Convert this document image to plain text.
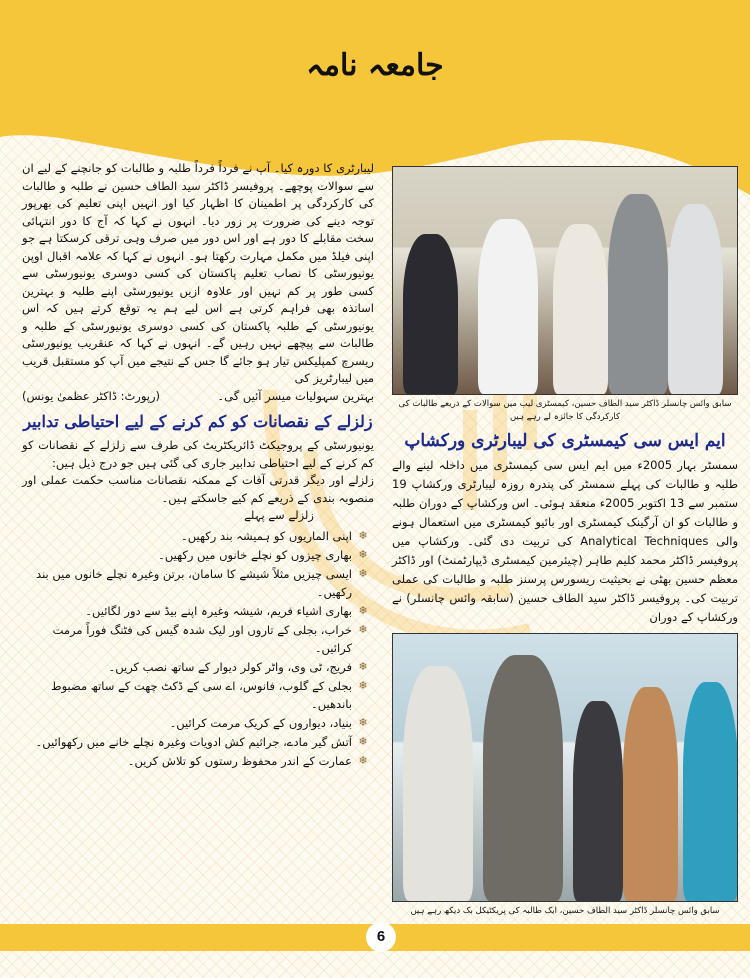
جامعہ نامہ

لیبارٹری کا دورہ کیا۔ آپ نے فرداً فرداً طلبہ و طالبات کو جانچنے کے لیے ان سے سوالات پوچھے۔ پروفیسر ڈاکٹر سید الطاف حسین نے طلبہ و طالبات کی کارکردگی پر اطمینان کا اظہار کیا اور انہیں اپنی تعلیم کی بھرپور توجہ دینے کی ضرورت پر زور دیا۔ انہوں نے کہا کہ آج کا دور انتہائی سخت مقابلے کا دور ہے اور اس دور میں صرف وہی ترقی کرسکتا ہے جو اپنی فیلڈ میں مکمل مہارت رکھتا ہو۔ انہوں نے کہا کہ علامہ اقبال اوپن یونیورسٹی کا نصاب تعلیم پاکستان کی کسی دوسری یونیورسٹی سے کسی طور پر کم نہیں اور علاوہ ازیں یونیورسٹی اپنے طلبہ و بہترین اساتذہ بھی فراہم کرتی ہے اس لیے ہم یہ توقع کرتے ہیں کہ اس یونیورسٹی کے طلبہ پاکستان کی کسی دوسری یونیورسٹی کے طلبہ و طالبات سے پیچھے نہیں رہیں گے۔ انہوں نے کہا کہ عنقریب یونیورسٹی ریسرچ کمپلیکس تیار ہو جائے گا جس کے نتیجے میں آپ کو مستقبل قریب میں لیبارٹریز کی

بہترین سہولیات میسر آئیں گی۔
(رپورٹ: ڈاکٹر عظمیٰ یونس)
زلزلے کے نقصانات کو کم کرنے کے لیے احتیاطی تدابیر

یونیورسٹی کے پروجیکٹ ڈائریکٹریٹ کی طرف سے زلزلے کے نقصانات کو کم کرنے کے لیے احتیاطی تدابیر جاری کی گئی ہیں جو درج ذیل ہیں:

زلزلے اور دیگر قدرتی آفات کے ممکنہ نقصانات مناسب حکمت عملی اور منصوبہ بندی کے ذریعے کم کیے جاسکتے ہیں۔

زلزلے سے پہلے

❄
اپنی الماریوں کو ہمیشہ بند رکھیں۔
❄
بھاری چیزوں کو نچلے خانوں میں رکھیں۔
❄
ایسی چیزیں مثلاً شیشے کا سامان، برتن وغیرہ نچلے خانوں میں بند رکھیں۔
❄
بھاری اشیاء فریم، شیشہ وغیرہ اپنے بیڈ سے دور لگائیں۔
❄
خراب، بجلی کے تاروں اور لیک شدہ گیس کی فٹنگ فوراً مرمت کرائیں۔
❄
فریج، ٹی وی، واٹر کولر دیوار کے ساتھ نصب کریں۔
❄
بجلی کے گلوب، فانوس، اے سی کے ڈکٹ چھت کے ساتھ مضبوط باندھیں۔
❄
بنیاد، دیواروں کے کریک مرمت کرائیں۔
❄
آتش گیر مادے، جراثیم کش ادویات وغیرہ نچلے خانے میں رکھوائیں۔
❄
عمارت کے اندر محفوظ رستوں کو تلاش کریں۔
سابق وائس چانسلر ڈاکٹر سید الطاف حسین، کیمسٹری لیب میں سوالات کے ذریعے طالبات کی کارکردگی کا جائزہ لے رہے ہیں
ایم ایس سی کیمسٹری کی لیبارٹری ورکشاپ

سمسٹر بہار 2005ء میں ایم ایس سی کیمسٹری میں داخلہ لینے والے طلبہ و طالبات کی پہلے سمسٹر کی پندرہ روزہ لیبارٹری ورکشاپ 19 ستمبر سے 13 اکتوبر 2005ء منعقد ہوئی۔ اس ورکشاپ کے دوران طلبہ و طالبات کو ان آرگینک کیمسٹری اور بائیو کیمسٹری میں استعمال ہونے والی Analytical Techniques کی تربیت دی گئی۔ ورکشاپ میں پروفیسر ڈاکٹر محمد کلیم طاہر (چیئرمین کیمسٹری ڈیپارٹمنٹ) اور ڈاکٹر معظم حسین بھٹی نے بحیثیت ریسورس پرسنز طلبہ و طالبات کی عملی تربیت کی۔ پروفیسر ڈاکٹر سید الطاف حسین (سابقہ وائس چانسلر) نے ورکشاپ کے دوران

سابق وائس چانسلر ڈاکٹر سید الطاف حسین، ایک طالبہ کی پریکٹیکل بک دیکھ رہے ہیں
6
